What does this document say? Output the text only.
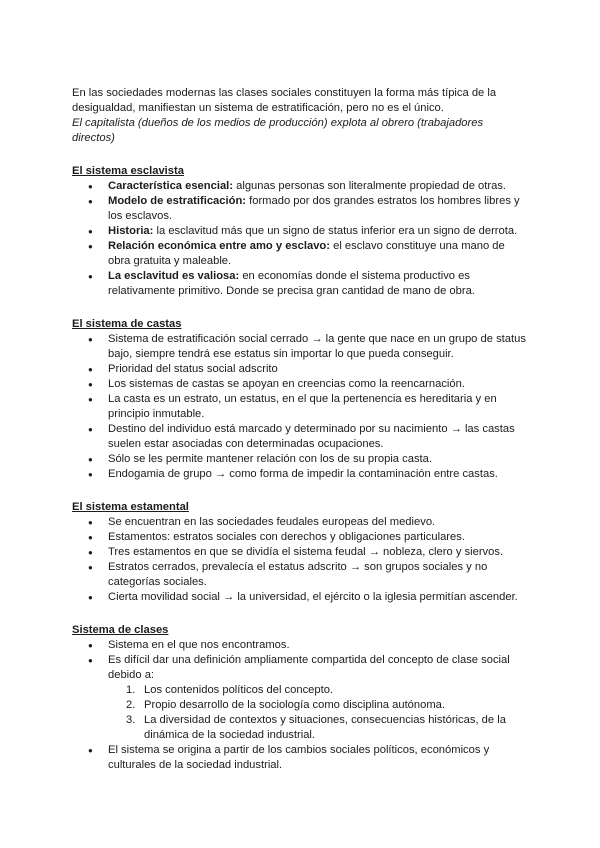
En las sociedades modernas las clases sociales constituyen la forma más típica de la desigualdad, manifiestan un sistema de estratificación, pero no es el único.

El capitalista (dueños de los medios de producción) explota al obrero (trabajadores directos)

El sistema esclavista
● Característica esencial: algunas personas son literalmente propiedad de otras.
● Modelo de estratificación: formado por dos grandes estratos los hombres libres y los esclavos.
● Historia: la esclavitud más que un signo de status inferior era un signo de derrota.
● Relación económica entre amo y esclavo: el esclavo constituye una mano de obra gratuita y maleable.
● La esclavitud es valiosa: en economías donde el sistema productivo es relativamente primitivo. Donde se precisa gran cantidad de mano de obra.
El sistema de castas
● Sistema de estratificación social cerrado → la gente que nace en un grupo de status bajo, siempre tendrá ese estatus sin importar lo que pueda conseguir.
● Prioridad del status social adscrito
● Los sistemas de castas se apoyan en creencias como la reencarnación.
● La casta es un estrato, un estatus, en el que la pertenencia es hereditaria y en principio inmutable.
● Destino del individuo está marcado y determinado por su nacimiento → las castas suelen estar asociadas con determinadas ocupaciones.
● Sólo se les permite mantener relación con los de su propia casta.
● Endogamia de grupo → como forma de impedir la contaminación entre castas.
El sistema estamental
● Se encuentran en las sociedades feudales europeas del medievo.
● Estamentos: estratos sociales con derechos y obligaciones particulares.
● Tres estamentos en que se dividía el sistema feudal → nobleza, clero y siervos.
● Estratos cerrados, prevalecía el estatus adscrito → son grupos sociales y no categorías sociales.
● Cierta movilidad social → la universidad, el ejército o la iglesia permitían ascender.
Sistema de clases
● Sistema en el que nos encontramos.
● Es difícil dar una definición ampliamente compartida del concepto de clase social debido a:
1. Los contenidos políticos del concepto.
2. Propio desarrollo de la sociología como disciplina autónoma.
3. La diversidad de contextos y situaciones, consecuencias históricas, de la dinámica de la sociedad industrial.
● El sistema se origina a partir de los cambios sociales políticos, económicos y culturales de la sociedad industrial.
